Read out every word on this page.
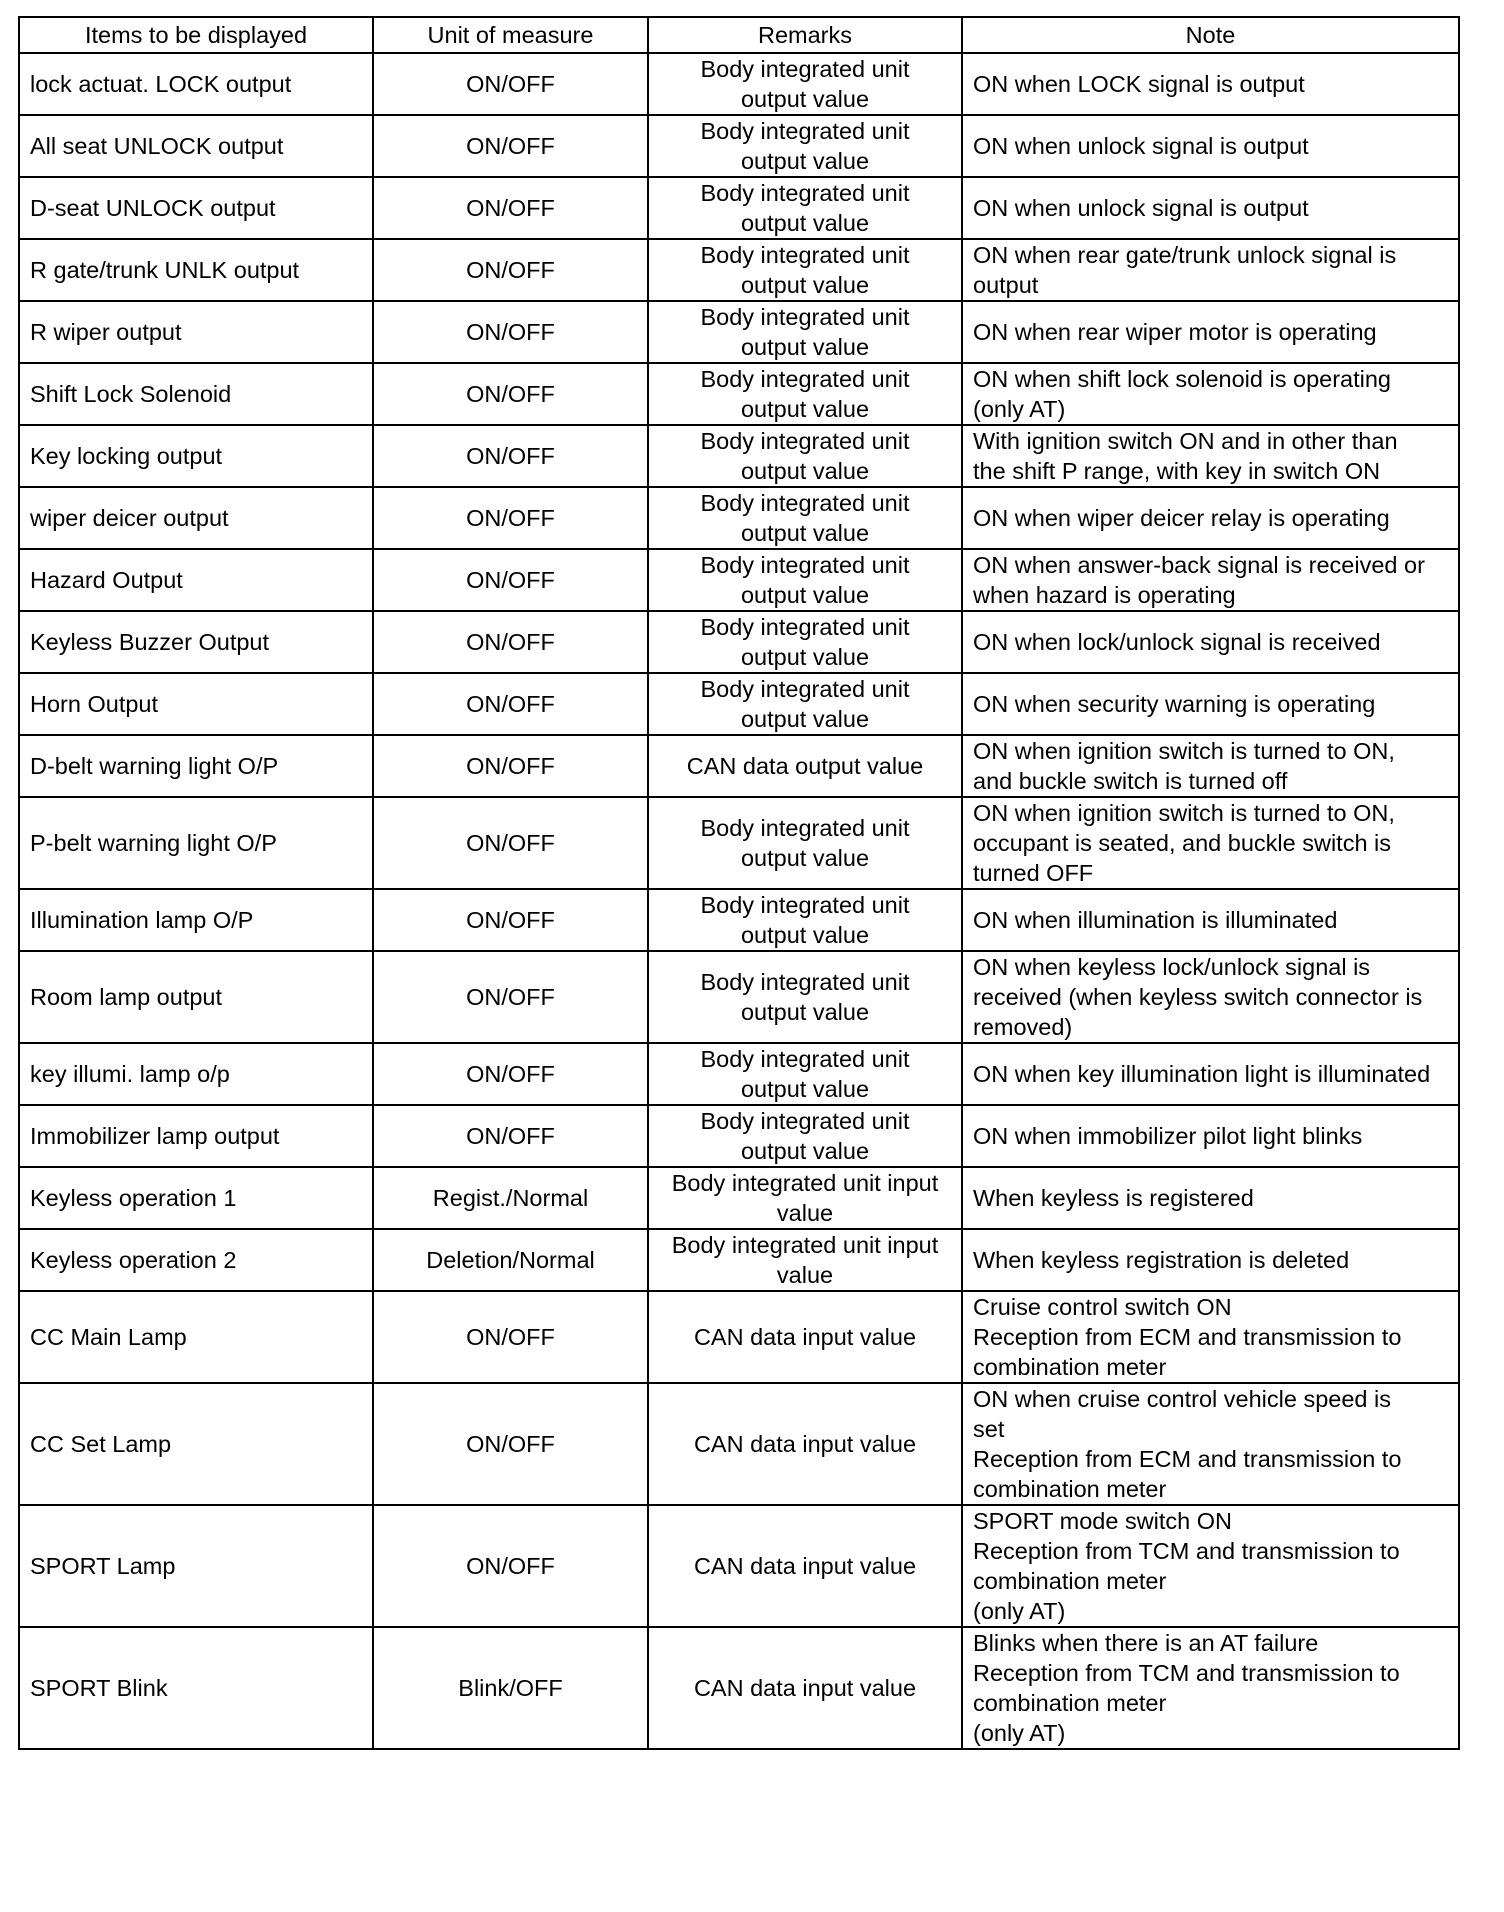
Items to be displayed	Unit of measure	Remarks	Note
lock actuat. LOCK output	ON/OFF	Body integrated unit
output value	ON when LOCK signal is output
All seat UNLOCK output	ON/OFF	Body integrated unit
output value	ON when unlock signal is output
D-seat UNLOCK output	ON/OFF	Body integrated unit
output value	ON when unlock signal is output
R gate/trunk UNLK output	ON/OFF	Body integrated unit
output value	ON when rear gate/trunk unlock signal is
output
R wiper output	ON/OFF	Body integrated unit
output value	ON when rear wiper motor is operating
Shift Lock Solenoid	ON/OFF	Body integrated unit
output value	ON when shift lock solenoid is operating
(only AT)
Key locking output	ON/OFF	Body integrated unit
output value	With ignition switch ON and in other than
the shift P range, with key in switch ON
wiper deicer output	ON/OFF	Body integrated unit
output value	ON when wiper deicer relay is operating
Hazard Output	ON/OFF	Body integrated unit
output value	ON when answer-back signal is received or
when hazard is operating
Keyless Buzzer Output	ON/OFF	Body integrated unit
output value	ON when lock/unlock signal is received
Horn Output	ON/OFF	Body integrated unit
output value	ON when security warning is operating
D-belt warning light O/P	ON/OFF	CAN data output value	ON when ignition switch is turned to ON,
and buckle switch is turned off
P-belt warning light O/P	ON/OFF	Body integrated unit
output value	ON when ignition switch is turned to ON,
occupant is seated, and buckle switch is
turned OFF
Illumination lamp O/P	ON/OFF	Body integrated unit
output value	ON when illumination is illuminated
Room lamp output	ON/OFF	Body integrated unit
output value	ON when keyless lock/unlock signal is
received (when keyless switch connector is
removed)
key illumi. lamp o/p	ON/OFF	Body integrated unit
output value	ON when key illumination light is illuminated
Immobilizer lamp output	ON/OFF	Body integrated unit
output value	ON when immobilizer pilot light blinks
Keyless operation 1	Regist./Normal	Body integrated unit input
value	When keyless is registered
Keyless operation 2	Deletion/Normal	Body integrated unit input
value	When keyless registration is deleted
CC Main Lamp	ON/OFF	CAN data input value	Cruise control switch ON
Reception from ECM and transmission to
combination meter
CC Set Lamp	ON/OFF	CAN data input value	ON when cruise control vehicle speed is
set
Reception from ECM and transmission to
combination meter
SPORT Lamp	ON/OFF	CAN data input value	SPORT mode switch ON
Reception from TCM and transmission to
combination meter
(only AT)
SPORT Blink	Blink/OFF	CAN data input value	Blinks when there is an AT failure
Reception from TCM and transmission to
combination meter
(only AT)
